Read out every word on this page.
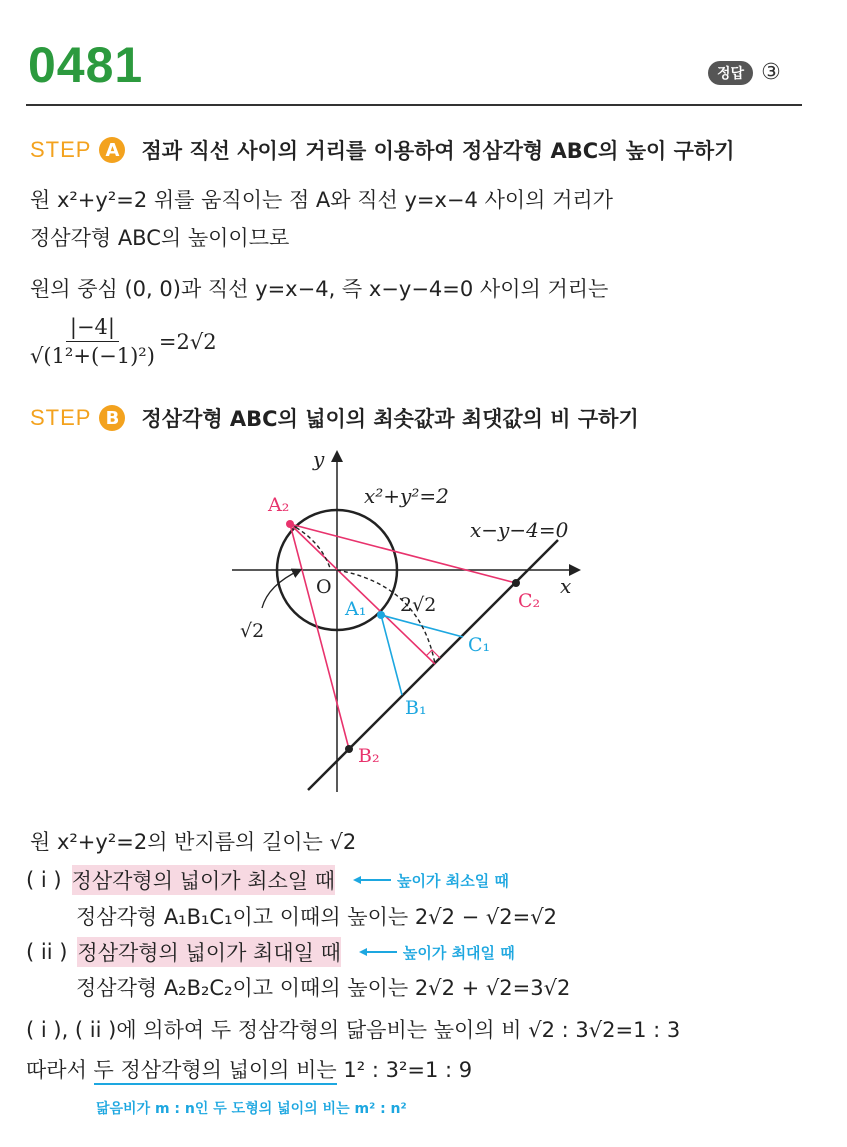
0481	정답 ③
STEP A 점과 직선 사이의 거리를 이용하여 정삼각형 ABC의 높이 구하기
원 x²+y²=2 위를 움직이는 점 A와 직선 y=x−4 사이의 거리가
정삼각형 ABC의 높이이므로
원의 중심 (0, 0)과 직선 y=x−4, 즉 x−y−4=0 사이의 거리는
$\frac{|-4|}{\text{√(1²+(−1)²)}} =2√2$
STEP B 정삼각형 ABC의 넓이의 최솟값과 최댓값의 비 구하기
y
x
O
x²+y²=2
x−y−4=0
A₂
A₁ 2√2
C₁
C₂
B₁
B₂
√2
원 x²+y²=2의 반지름의 길이는 √2
( i ) 정삼각형의 넓이가 최소일 때	높이가 최소일 때
정삼각형 A₁B₁C₁이고 이때의 높이는 2√2 − √2=√2
( ii ) 정삼각형의 넓이가 최대일 때	높이가 최대일 때
정삼각형 A₂B₂C₂이고 이때의 높이는 2√2 + √2=3√2
( i ), ( ii )에 의하여 두 정삼각형의 닮음비는 높이의 비 √2 : 3√2=1 : 3
따라서 두 정삼각형의 넓이의 비는 1² : 3²=1 : 9
닮음비가 m : n인 두 도형의 넓이의 비는 m² : n²
